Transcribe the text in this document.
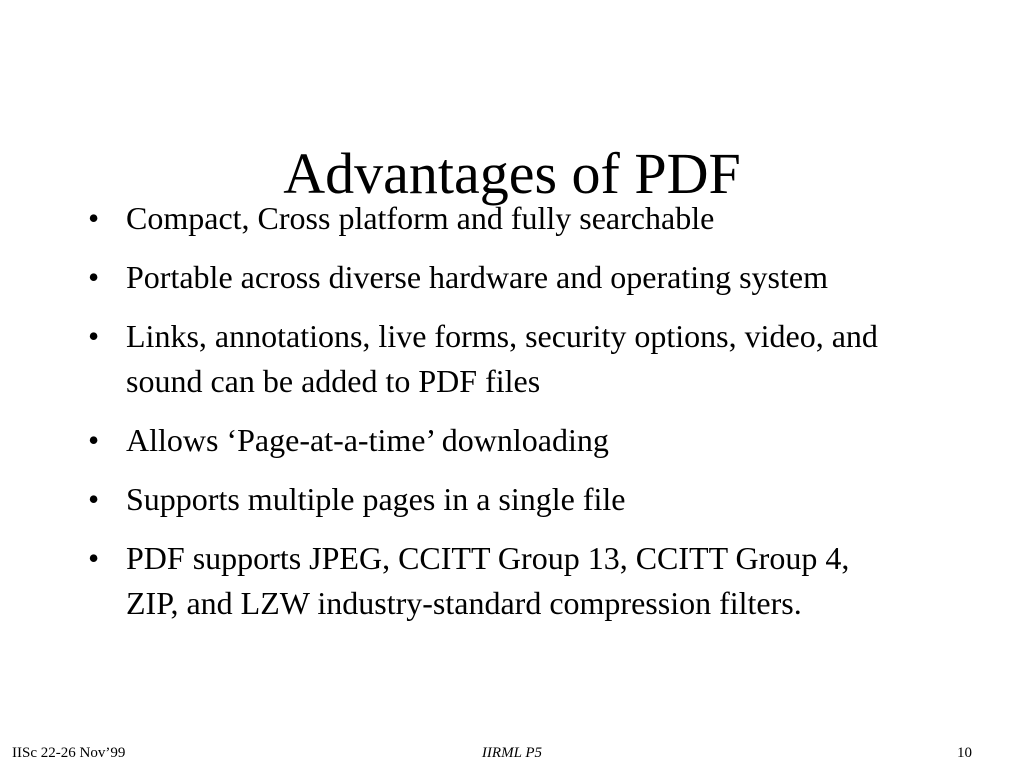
Advantages of PDF
• Compact, Cross platform and fully searchable
• Portable across diverse hardware and operating system
• Links, annotations, live forms, security options, video, and sound can be added to PDF files
• Allows ‘Page-at-a-time’ downloading
• Supports multiple pages in a single file
• PDF supports JPEG, CCITT Group 13, CCITT Group 4, ZIP, and LZW industry-standard compression filters.
IISc 22-26 Nov’99	IIRML P5	10
